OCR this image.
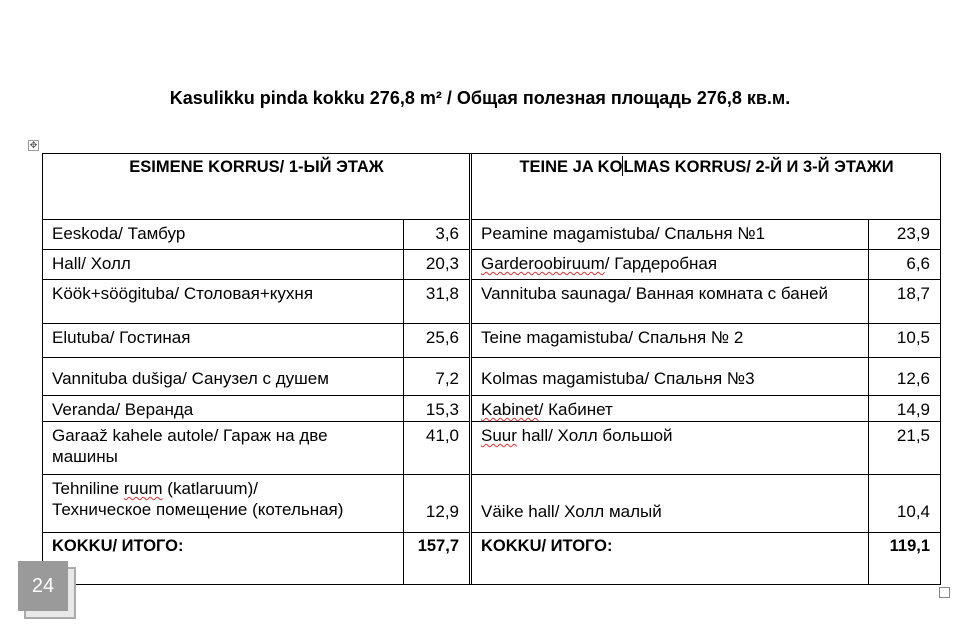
Kasulikku pinda kokku 276,8 m² / Общая полезная площадь 276,8 кв.м.
✥
ESIMENE KORRUS/ 1-ЫЙ ЭТАЖ			TEINE JA KOLMAS KORRUS/ 2-Й И 3-Й ЭТАЖИ	
Eeskoda/ Тамбур	3,6		Peamine magamistuba/ Спальня №1	23,9
Hall/ Холл	20,3		Garderoobiruum/ Гардеробная	6,6
Köök+söögituba/ Столовая+кухня	31,8		Vannituba saunaga/ Ванная комната с баней	18,7
Elutuba/ Гостиная	25,6		Teine magamistuba/ Спальня № 2	10,5
Vannituba dušiga/ Санузел с душем	7,2		Kolmas magamistuba/ Спальня №3	12,6
Veranda/ Веранда	15,3		Kabinet/ Кабинет	14,9
Garaaž kahele autole/ Гараж на две машины	41,0		Suur hall/ Холл большой	21,5
Tehniline ruum (katlaruum)/
Техническое помещение (котельная)	12,9		Väike hall/ Холл малый	10,4
KOKKU/ ИТОГО:	157,7		KOKKU/ ИТОГО:	119,1
24
